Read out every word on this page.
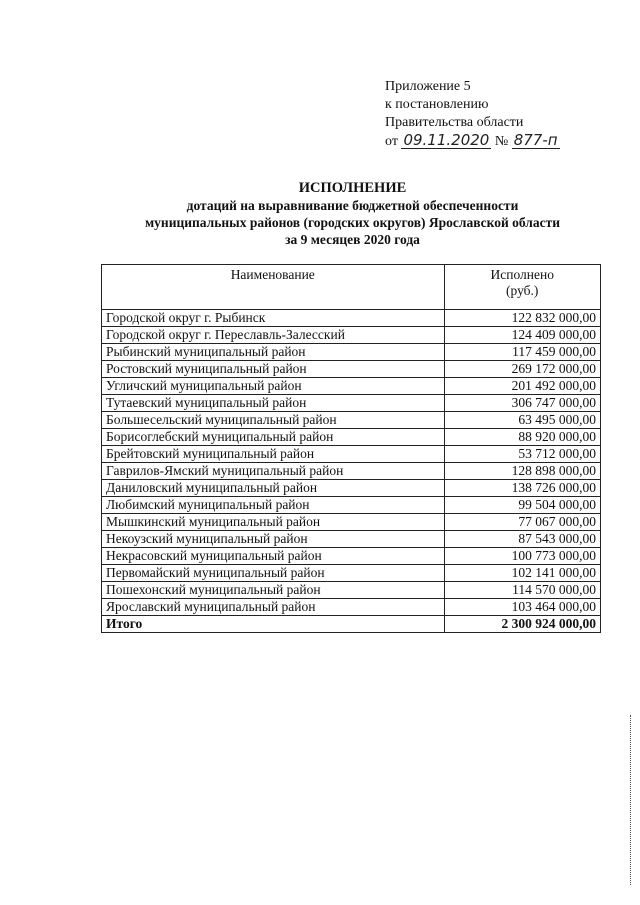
Приложение 5
к постановлению
Правительства области
от 09.11.2020 № 877-п
ИСПОЛНЕНИЕ
дотаций на выравнивание бюджетной обеспеченности
муниципальных районов (городских округов) Ярославской области
за 9 месяцев 2020 года
Наименование	Исполнено
(руб.)

Городской округ г. Рыбинск	122 832 000,00
Городской округ г. Переславль-Залесский	124 409 000,00
Рыбинский муниципальный район	117 459 000,00
Ростовский муниципальный район	269 172 000,00
Угличский муниципальный район	201 492 000,00
Тутаевский муниципальный район	306 747 000,00
Большесельский муниципальный район	63 495 000,00
Борисоглебский муниципальный район	88 920 000,00
Брейтовский муниципальный район	53 712 000,00
Гаврилов-Ямский муниципальный район	128 898 000,00
Даниловский муниципальный район	138 726 000,00
Любимский муниципальный район	99 504 000,00
Мышкинский муниципальный район	77 067 000,00
Некоузский муниципальный район	87 543 000,00
Некрасовский муниципальный район	100 773 000,00
Первомайский муниципальный район	102 141 000,00
Пошехонский муниципальный район	114 570 000,00
Ярославский муниципальный район	103 464 000,00
Итого	2 300 924 000,00
